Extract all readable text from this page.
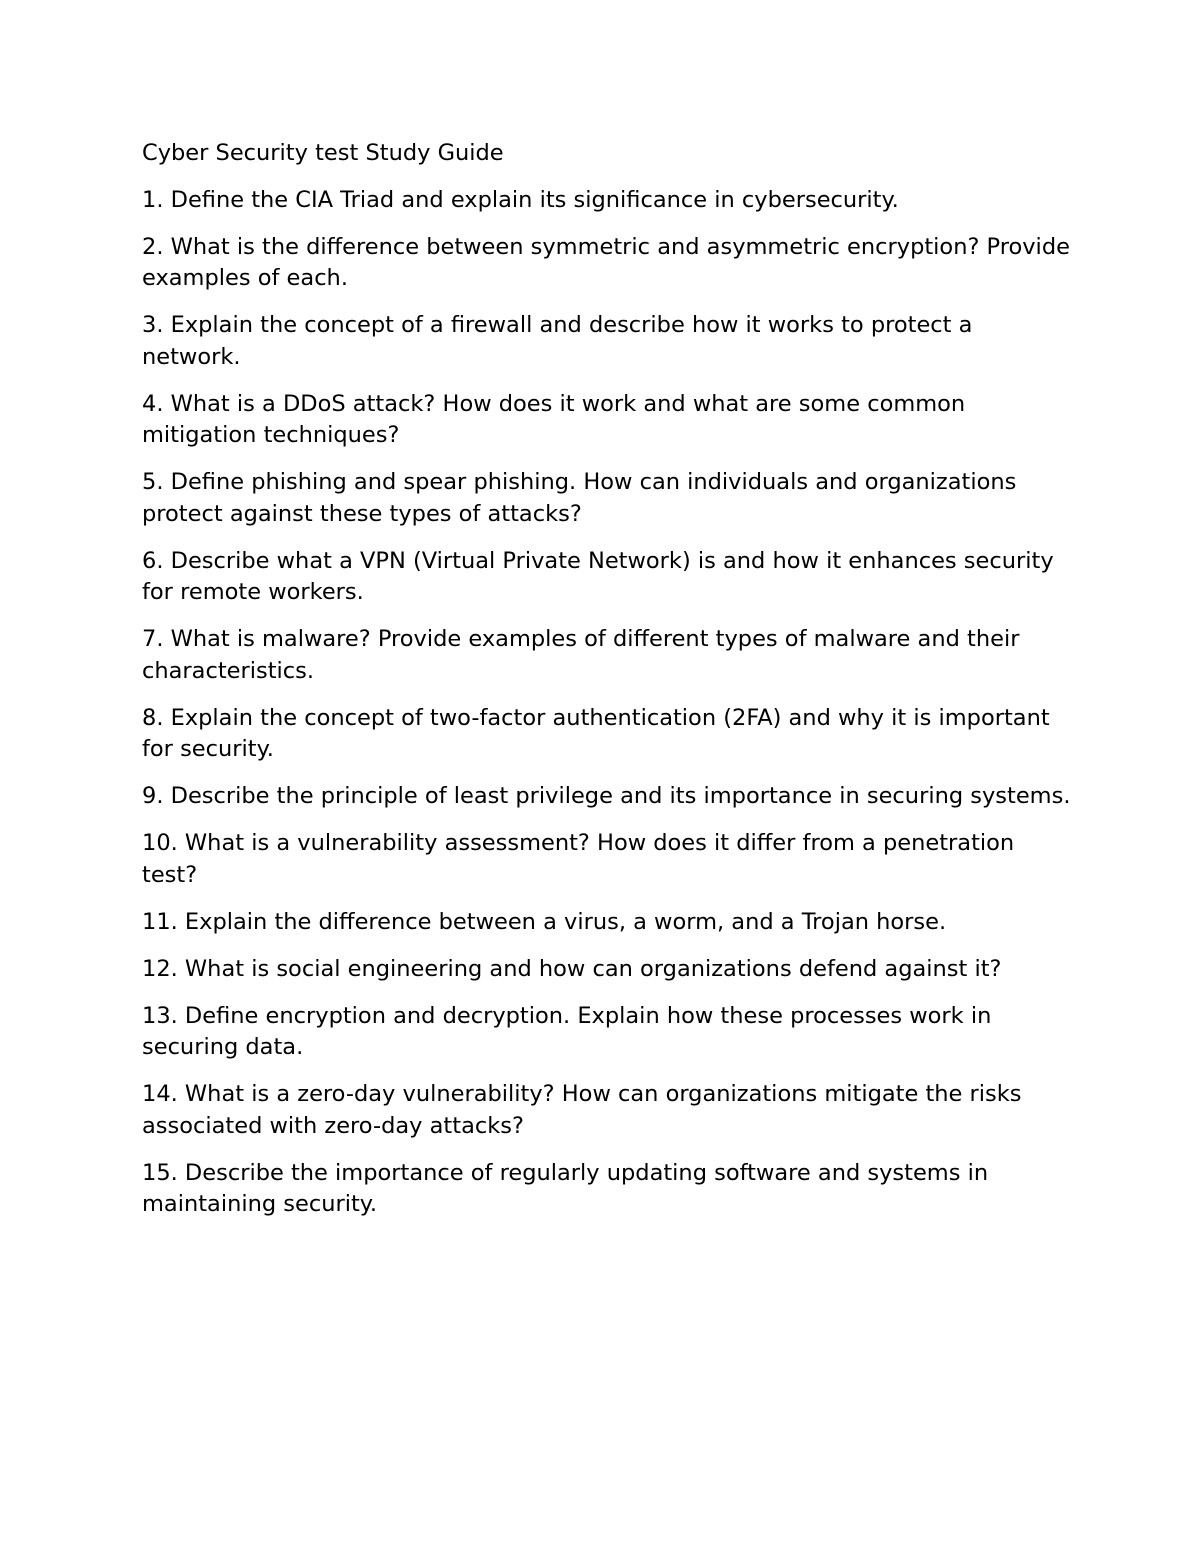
Cyber Security test Study Guide
1. Define the CIA Triad and explain its significance in cybersecurity.
2. What is the difference between symmetric and asymmetric encryption? Provide examples of each.
3. Explain the concept of a firewall and describe how it works to protect a network.
4. What is a DDoS attack? How does it work and what are some common mitigation techniques?
5. Define phishing and spear phishing. How can individuals and organizations protect against these types of attacks?
6. Describe what a VPN (Virtual Private Network) is and how it enhances security for remote workers.
7. What is malware? Provide examples of different types of malware and their characteristics.
8. Explain the concept of two-factor authentication (2FA) and why it is important for security.
9. Describe the principle of least privilege and its importance in securing systems.
10. What is a vulnerability assessment? How does it differ from a penetration test?
11. Explain the difference between a virus, a worm, and a Trojan horse.
12. What is social engineering and how can organizations defend against it?
13. Define encryption and decryption. Explain how these processes work in securing data.
14. What is a zero-day vulnerability? How can organizations mitigate the risks associated with zero-day attacks?
15. Describe the importance of regularly updating software and systems in maintaining security.
